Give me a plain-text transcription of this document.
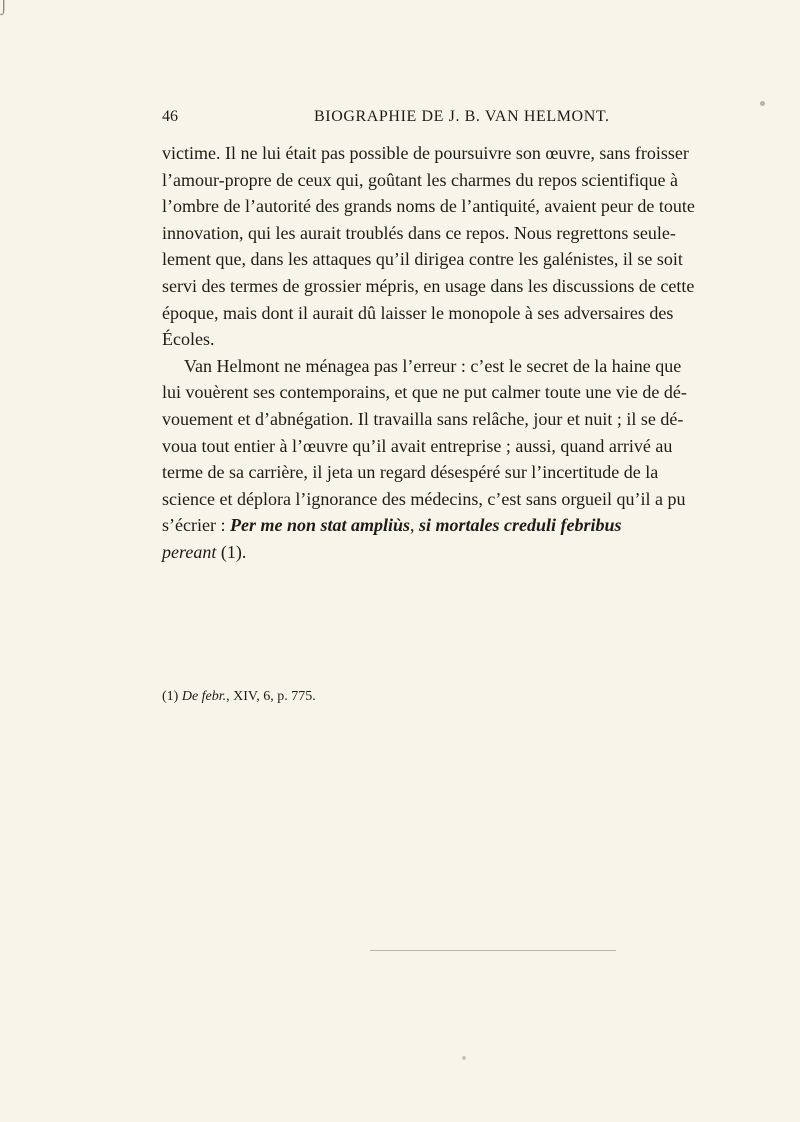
⌡
46	BIOGRAPHIE DE J. B. VAN HELMONT.
victime. Il ne lui était pas possible de poursuivre son œuvre, sans froisser
l’amour-propre de ceux qui, goûtant les charmes du repos scientifique à
l’ombre de l’autorité des grands noms de l’antiquité, avaient peur de toute
innovation, qui les aurait troublés dans ce repos. Nous regrettons seule-
lement que, dans les attaques qu’il dirigea contre les galénistes, il se soit
servi des termes de grossier mépris, en usage dans les discussions de cette
époque, mais dont il aurait dû laisser le monopole à ses adversaires des
Écoles.
Van Helmont ne ménagea pas l’erreur : c’est le secret de la haine que
lui vouèrent ses contemporains, et que ne put calmer toute une vie de dé-
vouement et d’abnégation. Il travailla sans relâche, jour et nuit ; il se dé-
voua tout entier à l’œuvre qu’il avait entreprise ; aussi, quand arrivé au
terme de sa carrière, il jeta un regard désespéré sur l’incertitude de la
science et déplora l’ignorance des médecins, c’est sans orgueil qu’il a pu
s’écrier : Per me non stat ampliùs, si mortales creduli febribus
pereant (1).
(1) De febr., XIV, 6, p. 775.
